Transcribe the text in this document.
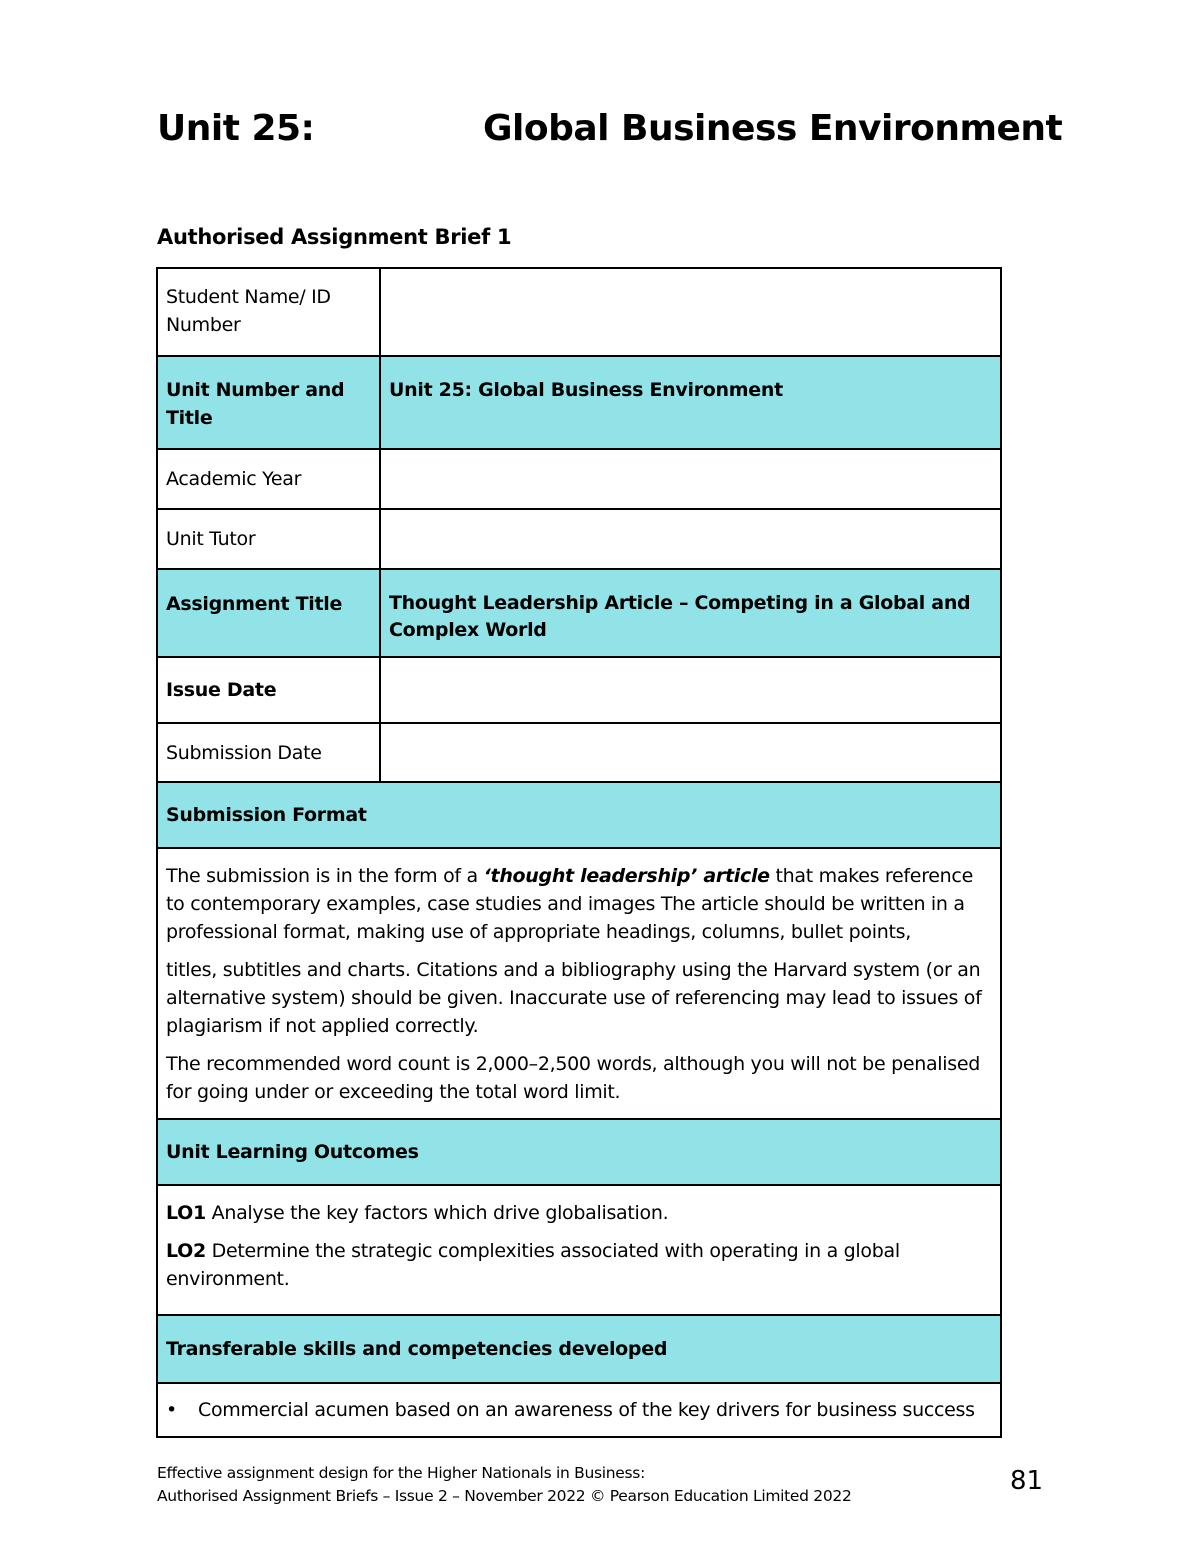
Unit 25:	Global Business Environment
Authorised Assignment Brief 1
Student Name/ ID Number	
Unit Number and Title	Unit 25: Global Business Environment
Academic Year	
Unit Tutor	
Assignment Title	Thought Leadership Article – Competing in a Global and Complex World
Issue Date	
Submission Date	
Submission Format	

The submission is in the form of a ‘thought leadership’ article that makes reference to contemporary examples, case studies and images The article should be written in a professional format, making use of appropriate headings, columns, bullet points,

titles, subtitles and charts. Citations and a bibliography using the Harvard system (or an alternative system) should be given. Inaccurate use of referencing may lead to issues of plagiarism if not applied correctly.

The recommended word count is 2,000–2,500 words, although you will not be penalised for going under or exceeding the total word limit.	

Unit Learning Outcomes	

LO1 Analyse the key factors which drive globalisation.

LO2 Determine the strategic complexities associated with operating in a global environment.	

Transferable skills and competencies developed	

• Commercial acumen based on an awareness of the key drivers for business success	
Effective assignment design for the Higher Nationals in Business:
Authorised Assignment Briefs – Issue 2 – November 2022 © Pearson Education Limited 2022	81
